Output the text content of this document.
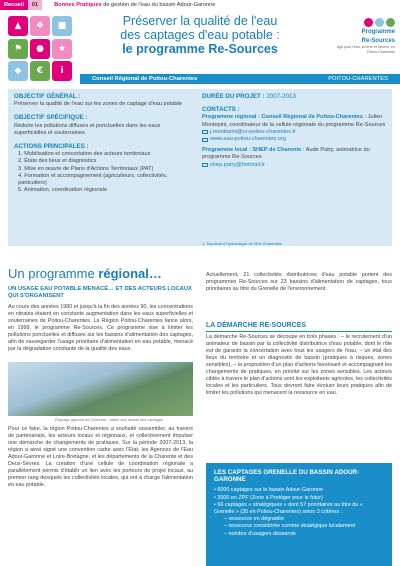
Recueil	01	Bonnes Pratiques de gestion de l'eau du bassin Adour-Garonne
▲	❖	■
⚑	●	★
◆	€	i
Préserver la qualité de l'eau
des captages d'eau potable :
le programme Re-Sources
Programme
Re-Sources
Agir pour l'eau, la terre et l'avenir, en Poitou-Charentes
Conseil Régional de Poitou-Charentes	POITOU-CHARENTES
OBJECTIF GÉNÉRAL :

Préserver la qualité de l'eau sur les zones de captage d'eau potable

OBJECTIF SPÉCIFIQUE :

Réduire les pollutions diffuses et ponctuelles dans les eaux superficielles et souterraines

ACTIONS PRINCIPALES :
1. Mobilisation et concertation des acteurs territoriaux
2. États des lieux et diagnostics
3. Mise en œuvre de Plans d'Actions Territoriaux (PAT)
4. Formation et accompagnement (agriculteurs, collectivités, particuliers)
5. Animation, coordination régionale
DURÉE DU PROJET : 2007-2013
CONTACTS :

Programme régional : Conseil Régional de Poitou-Charentes : Julien Montepini, coordinateur de la cellule régionale du programme Re-Sources

j.montepini@cr-poitou-charentes.fr

www.eau-poitou-charentes.org

Programme local : SHEP de Charente : Aude Patry, animatrice du programme Re-Sources

shep.patry@hotmail.fr

1. Syndicat d'Hydraulique de l'Est Charentais
Un programme régional…
UN USAGE EAU POTABLE MENACÉ… ET DES ACTEURS LOCAUX QUI S'ORGANISENT
Au cours des années 1980 et jusqu'à la fin des années 90, les concentrations en nitrates étaient en constante augmentation dans les eaux superficielles et souterraines de Poitou-Charentes. La Région Poitou-Charentes lance alors, en 1999, le programme Re-Sources. Ce programme vise à limiter les pollutions ponctuelles et diffuses sur les bassins d'alimentation des captages, afin de sauvegarder l'usage prioritaire d'alimentation en eau potable, menacé par la dégradation constante de la qualité des eaux.
Paysage agricole de Charente - vallée aux abords des captages
Pour ce faire, la région Poitou-Charentes a souhaité rassembler, au travers de partenariats, les acteurs locaux et régionaux, et collectivement impulser une démarche de changements de pratiques. Sur la période 2007-2013, la région a ainsi signé une convention cadre avec l'État, les Agences de l'Eau Adour-Garonne et Loire-Bretagne, et les départements de la Charente et des Deux-Sèvres. La création d'une cellule de coordination régionale a parallèlement permis d'établir un lien avec les porteurs de projet locaux, au premier rang desquels les collectivités locales, qui ont à charge l'alimentation en eau potable.
Actuellement, 21 collectivités distributrices d'eau potable portent des programmes Re-Sources sur 23 bassins d'alimentation de captages, tous prioritaires au titre du Grenelle de l'environnement.
LA DÉMARCHE RE-SOURCES
La démarche Re-Sources se découpe en trois phases : – le recrutement d'un animateur de bassin par la collectivité distributrice d'eau potable, dont le rôle est de garantir la concertation avec tous les usagers de l'eau, – un état des lieux du territoire et un diagnostic de bassin (pratiques à risques, zones sensibles), – la proposition d'un plan d'actions favorisant et accompagnant les changements de pratiques, en priorité sur les zones sensibles. Les acteurs ciblés à travers le plan d'actions sont les exploitants agricoles, les collectivités locales et les particuliers. Tous devront faire évoluer leurs pratiques afin de limiter les pollutions qui menacent la ressource en eau.
LES CAPTAGES GRENELLE DU BASSIN ADOUR-GARONNE
• 6000 captages sur le bassin Adour-Garonne
• 2000 en ZPF (Zone à Protéger pour le futur)
• 66 captages « stratégiques » dont 57 prioritaires au titre du « Grenelle » (35 en Poitou-Charentes) selon 3 critères :
– ressource en dégradée
– ressource considérée comme stratégique localement
– nombre d'usagers desservis
